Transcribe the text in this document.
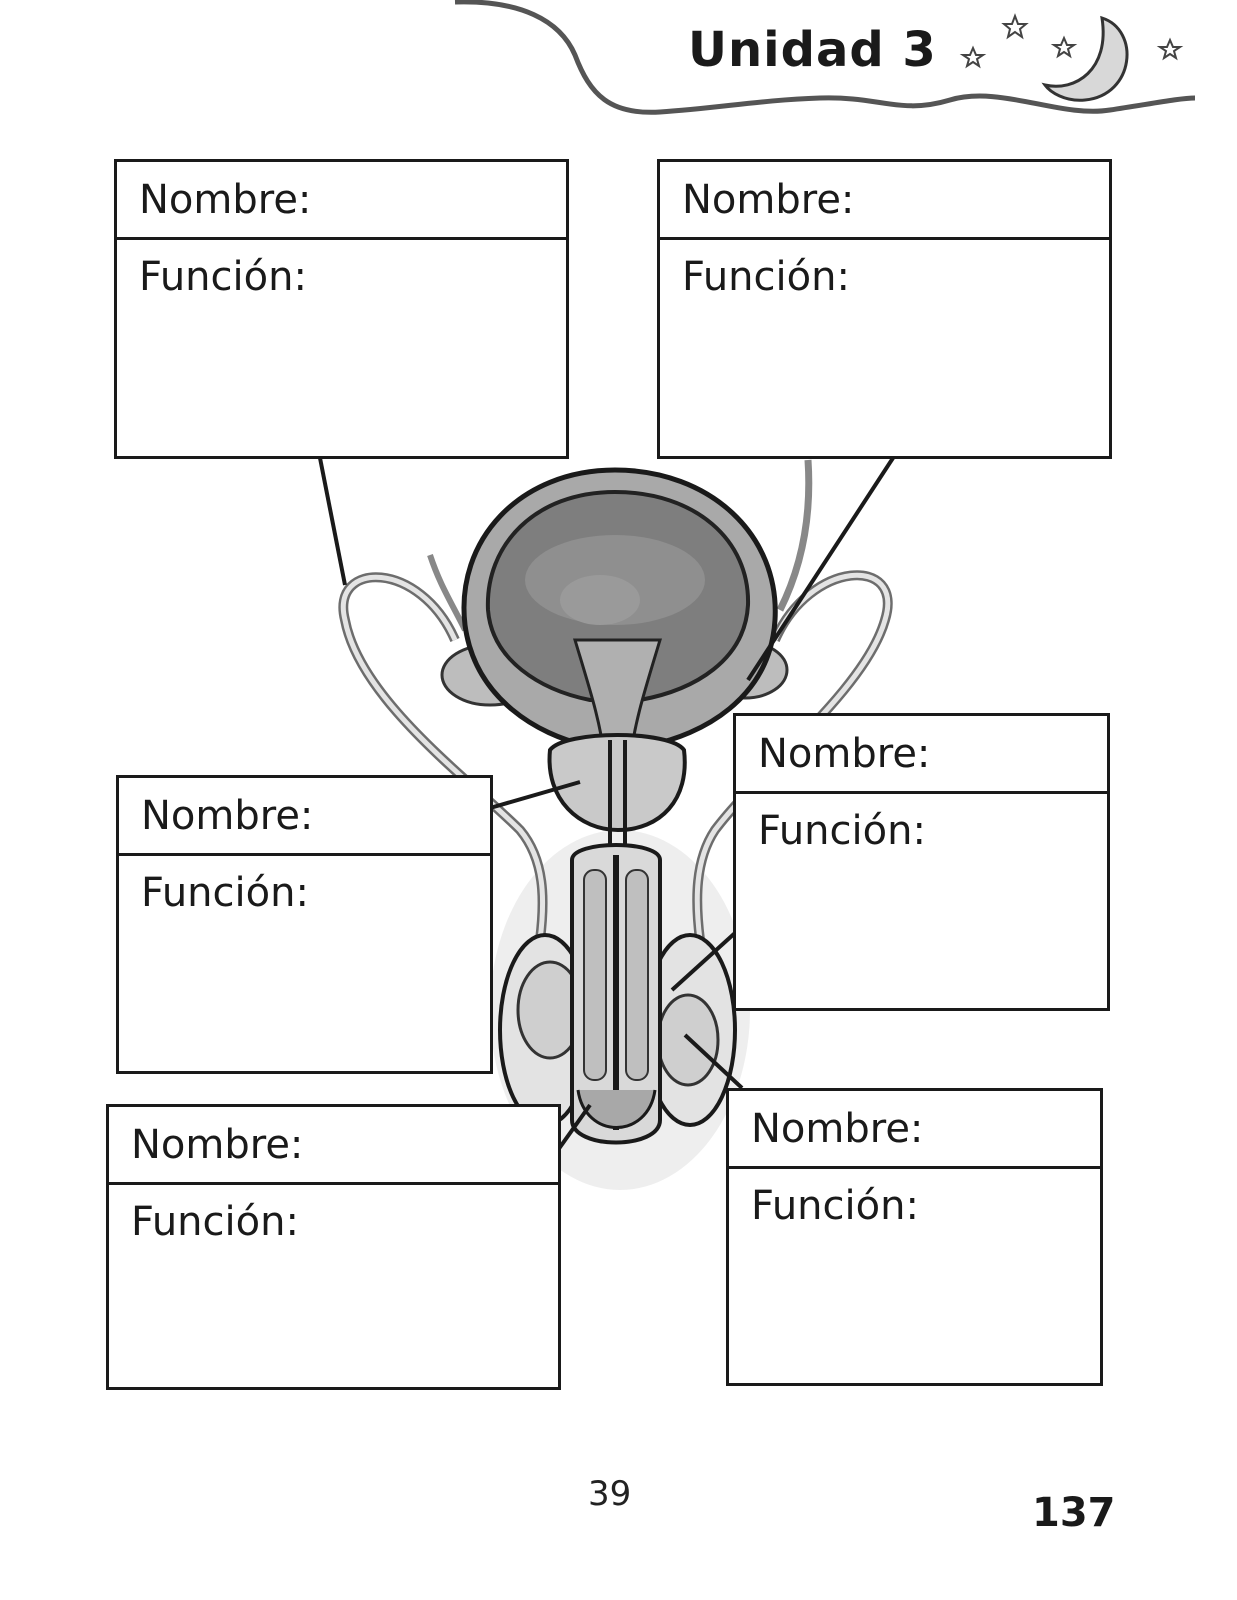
Unidad 3
Nombre:
Función:
Nombre:
Función:
Nombre:
Función:
Nombre:
Función:
Nombre:
Función:
Nombre:
Función:
39	137
